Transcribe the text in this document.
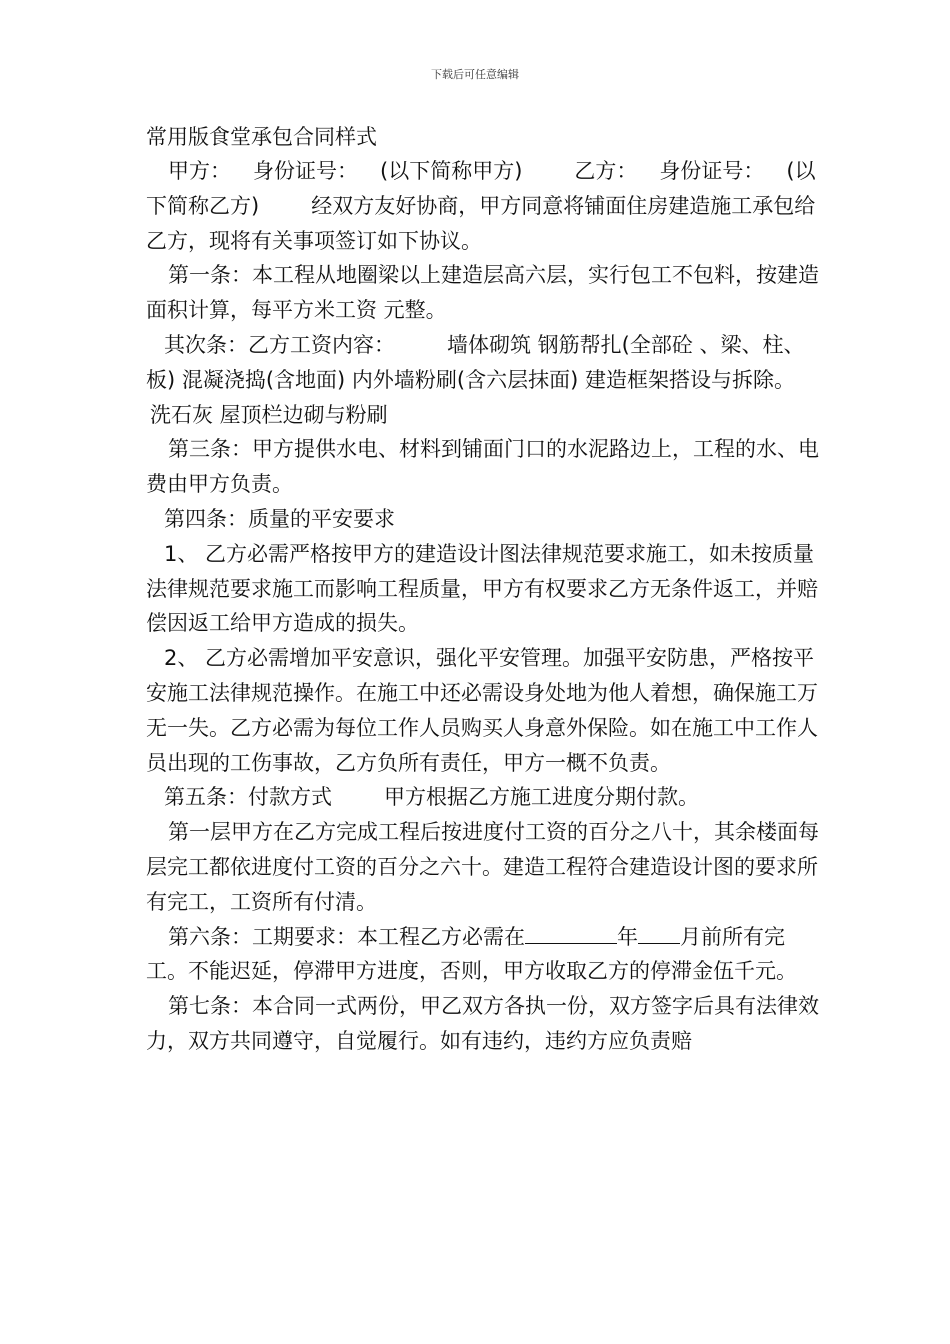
下载后可任意编辑
常用版食堂承包合同样式

甲方： 身份证号： (以下简称甲方) 乙方： 身份证号： (以下简称乙方) 经双方友好协商，甲方同意将铺面住房建造施工承包给乙方，现将有关事项签订如下协议。

第一条：本工程从地圈梁以上建造层高六层，实行包工不包料，按建造面积计算，每平方米工资 元整。

其次条：乙方工资内容： 墙体砌筑 钢筋帮扎(全部砼 、梁、柱、板) 混凝浇捣(含地面) 内外墙粉刷(含六层抹面) 建造框架搭设与拆除。

洗石灰 屋顶栏边砌与粉刷

第三条：甲方提供水电、材料到铺面门口的水泥路边上，工程的水、电费由甲方负责。

第四条：质量的平安要求

1、 乙方必需严格按甲方的建造设计图法律规范要求施工，如未按质量法律规范要求施工而影响工程质量，甲方有权要求乙方无条件返工，并赔偿因返工给甲方造成的损失。

2、 乙方必需增加平安意识，强化平安管理。加强平安防患，严格按平安施工法律规范操作。在施工中还必需设身处地为他人着想，确保施工万无一失。乙方必需为每位工作人员购买人身意外保险。如在施工中工作人员出现的工伤事故，乙方负所有责任，甲方一概不负责。

第五条：付款方式 甲方根据乙方施工进度分期付款。

第一层甲方在乙方完成工程后按进度付工资的百分之八十，其余楼面每层完工都依进度付工资的百分之六十。建造工程符合建造设计图的要求所有完工，工资所有付清。

第六条：工期要求：本工程乙方必需在	年 月前所有完工。不能迟延，停滞甲方进度，否则，甲方收取乙方的停滞金伍千元。

第七条：本合同一式两份，甲乙双方各执一份，双方签字后具有法律效力，双方共同遵守，自觉履行。如有违约，违约方应负责赔
